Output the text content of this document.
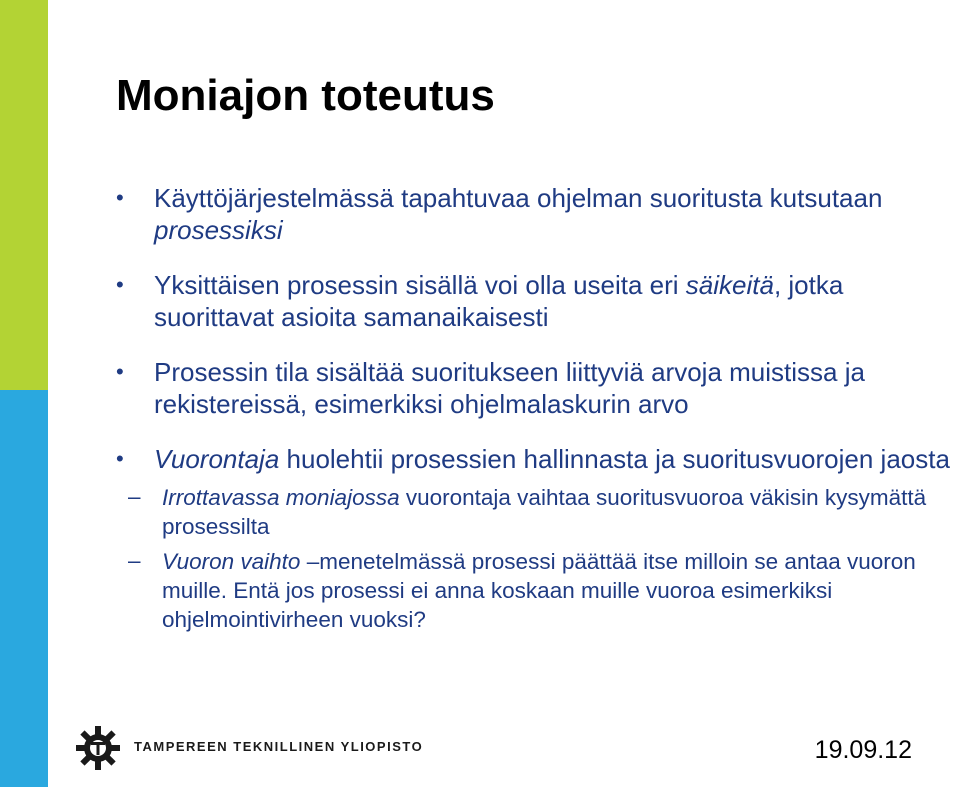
Moniajon toteutus
• Käyttöjärjestelmässä tapahtuvaa ohjelman suoritusta kutsutaan prosessiksi
• Yksittäisen prosessin sisällä voi olla useita eri säikeitä, jotka suorittavat asioita samanaikaisesti
• Prosessin tila sisältää suoritukseen liittyviä arvoja muistissa ja rekistereissä, esimerkiksi ohjelmalaskurin arvo
• Vuorontaja huolehtii prosessien hallinnasta ja suoritusvuorojen jaosta
– Irrottavassa moniajossa vuorontaja vaihtaa suoritusvuoroa väkisin kysymättä prosessilta
– Vuoron vaihto –menetelmässä prosessi päättää itse milloin se antaa vuoron muille. Entä jos prosessi ei anna koskaan muille vuoroa esimerkiksi ohjelmointivirheen vuoksi?
TAMPEREEN TEKNILLINEN YLIOPISTO	19.09.12
